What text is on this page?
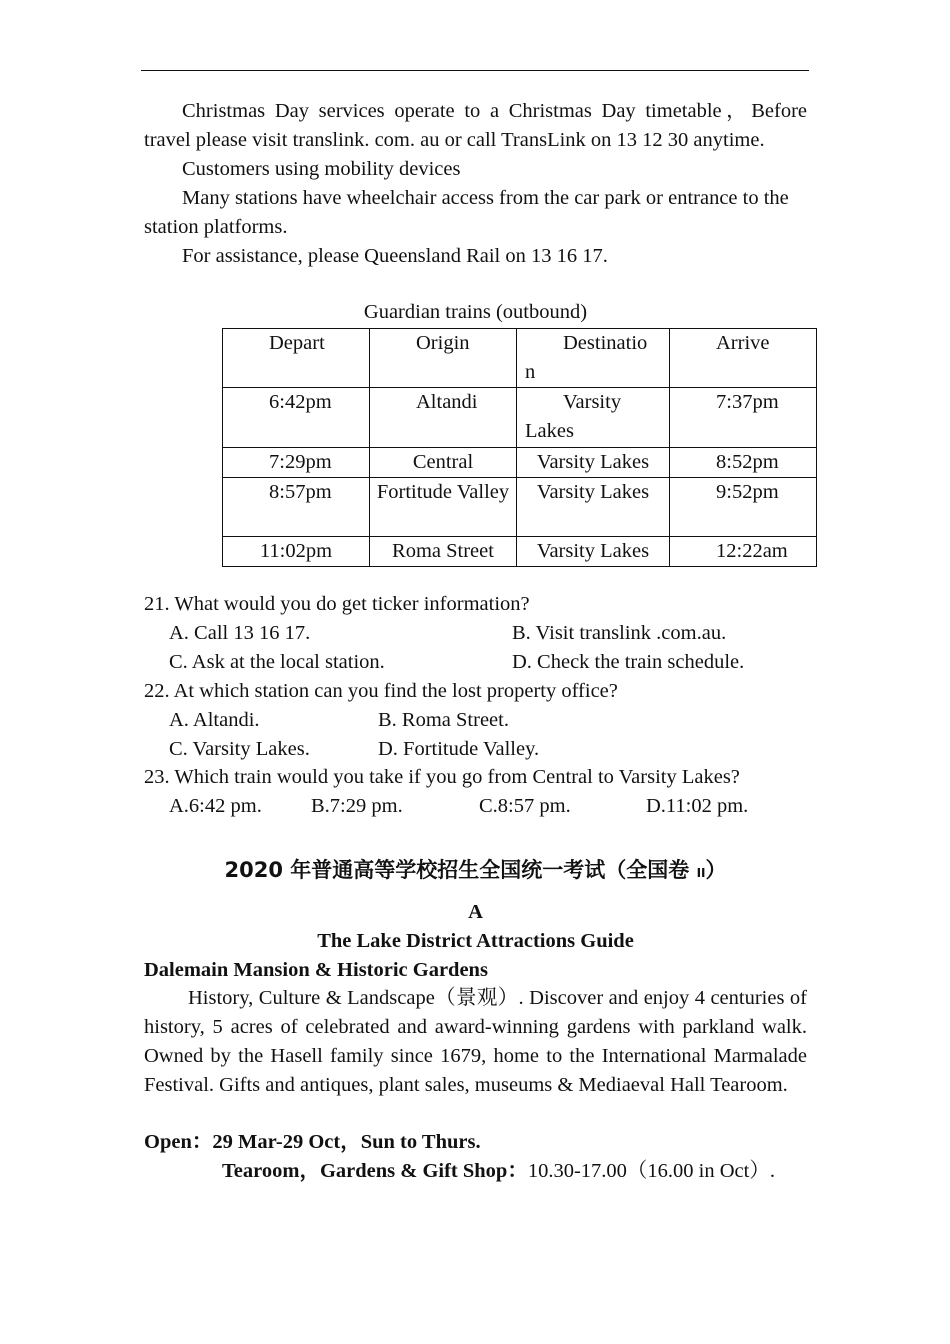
Christmas Day services operate to a Christmas Day timetable，Before travel please visit translink. com. au or call TransLink on 13 12 30 anytime.

Customers using mobility devices

Many stations have wheelchair access from the car park or entrance to the station platforms.

For assistance, please Queensland Rail on 13 16 17.

Guardian trains (outbound)
Depart	Origin	Destinatio n	Arrive

6:42pm	Altandi	Varsity Lakes	7:37pm

7:29pm	Central	Varsity Lakes	8:52pm

8:57pm	Fortitude Valley	Varsity Lakes	9:52pm

11:02pm	Roma Street	Varsity Lakes	12:22am
21. What would you do get ticker information?
A. Call 13 16 17.	B. Visit translink .com.au.
C. Ask at the local station.	D. Check the train schedule.
22. At which station can you find the lost property office?
A. Altandi.	B. Roma Street.
C. Varsity Lakes.	D. Fortitude Valley.
23. Which train would you take if you go from Central to Varsity Lakes?
A.6:42 pm. B.7:29 pm.	C.8:57 pm.	D.11:02 pm.
2020 年普通高等学校招生全国统一考试（全国卷 II）
A
The Lake District Attractions Guide
Dalemain Mansion & Historic Gardens

History, Culture & Landscape（景观）. Discover and enjoy 4 centuries of history, 5 acres of celebrated and award-winning gardens with parkland walk. Owned by the Hasell family since 1679, home to the International Marmalade Festival. Gifts and antiques, plant sales, museums & Mediaeval Hall Tearoom.

Open：29 Mar-29 Oct，Sun to Thurs.
Tearoom，Gardens & Gift Shop：10.30-17.00（16.00 in Oct）.
